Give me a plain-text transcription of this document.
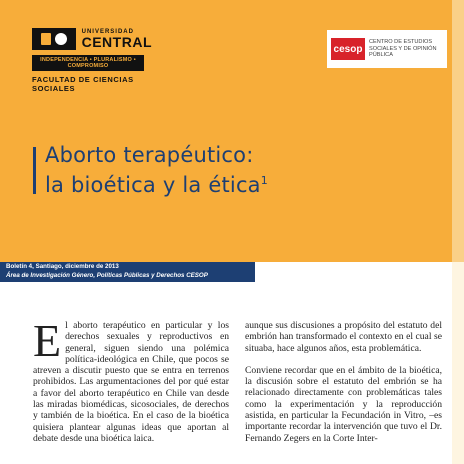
UNIVERSIDAD
CENTRAL
INDEPENDENCIA • PLURALISMO • COMPROMISO
FACULTAD DE CIENCIAS SOCIALES
cesop
CENTRO DE ESTUDIOS SOCIALES Y DE OPINIÓN PÚBLICA
Aborto terapéutico:
la bioética y la ética$^1$
Boletín 4, Santiago, diciembre de 2013
Área de Investigación Género, Políticas Públicas y Derechos CESOP
E l aborto terapéutico en particular y los derechos sexuales y reproductivos en general, siguen siendo una polémica política-ideológica en Chile, que pocos se atreven a discutir puesto que se entra en terrenos prohibidos. Las argumentaciones del por qué estar a favor del aborto terapéutico en Chile van desde las miradas biomédicas, sicosociales, de derechos y también de la bioética. En el caso de la bioética quisiera plantear algunas ideas que aportan al debate desde una bioética laica.

aunque sus discusiones a propósito del estatuto del embrión han transformado el contexto en el cual se situaba, hace algunos años, esta problemática.

Conviene recordar que en el ámbito de la bioética, la discusión sobre el estatuto del embrión se ha relacionado directamente con problemáticas tales como la experimentación y la reproducción asistida, en particular la Fecundación in Vitro, –es importante recordar la intervención que tuvo el Dr. Fernando Zegers en la Corte Inter-
